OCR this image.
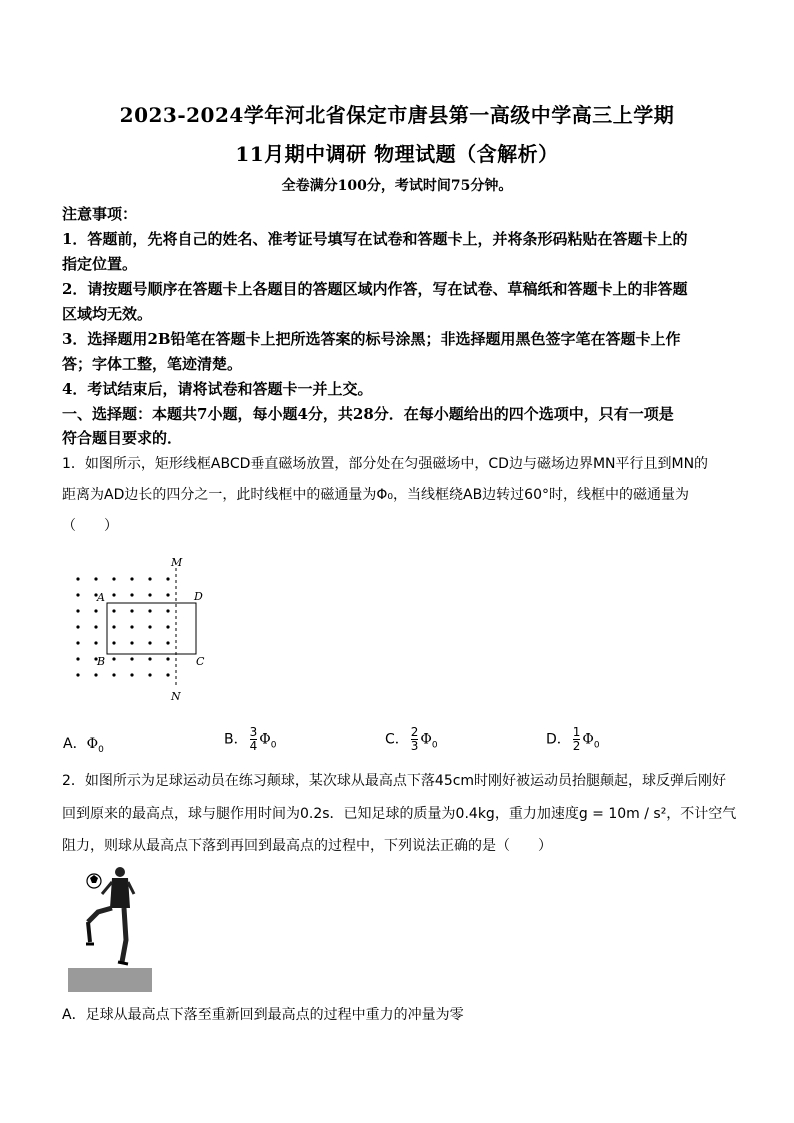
2023-2024学年河北省保定市唐县第一高级中学高三上学期
11月期中调研 物理试题（含解析）
全卷满分100分，考试时间75分钟。
注意事项：
1．答题前，先将自己的姓名、准考证号填写在试卷和答题卡上，并将条形码粘贴在答题卡上的
指定位置。
2．请按题号顺序在答题卡上各题目的答题区域内作答，写在试卷、草稿纸和答题卡上的非答题
区域均无效。
3．选择题用2B铅笔在答题卡上把所选答案的标号涂黑；非选择题用黑色签字笔在答题卡上作
答；字体工整，笔迹清楚。
4．考试结束后，请将试卷和答题卡一并上交。
一、选择题：本题共7小题，每小题4分，共28分．在每小题给出的四个选项中，只有一项是
符合题目要求的．
1．如图所示，矩形线框ABCD垂直磁场放置，部分处在匀强磁场中，CD边与磁场边界MN平行且到MN的
距离为AD边长的四分之一，此时线框中的磁通量为Φ₀，当线框绕AB边转过60°时，线框中的磁通量为
（　　）
M
N
A
B	C
D
A．$\Phi_0$
B． $\frac{3}{4} \Phi_0$	C． $\frac{2}{3} \Phi_0$	D． $\frac{1}{2} \Phi_0$
2．如图所示为足球运动员在练习颠球，某次球从最高点下落45cm时刚好被运动员抬腿颠起，球反弹后刚好
回到原来的最高点，球与腿作用时间为0.2s．已知足球的质量为0.4kg，重力加速度g = 10m / s²，不计空气
阻力，则球从最高点下落到再回到最高点的过程中，下列说法正确的是（　　）
A．足球从最高点下落至重新回到最高点的过程中重力的冲量为零
